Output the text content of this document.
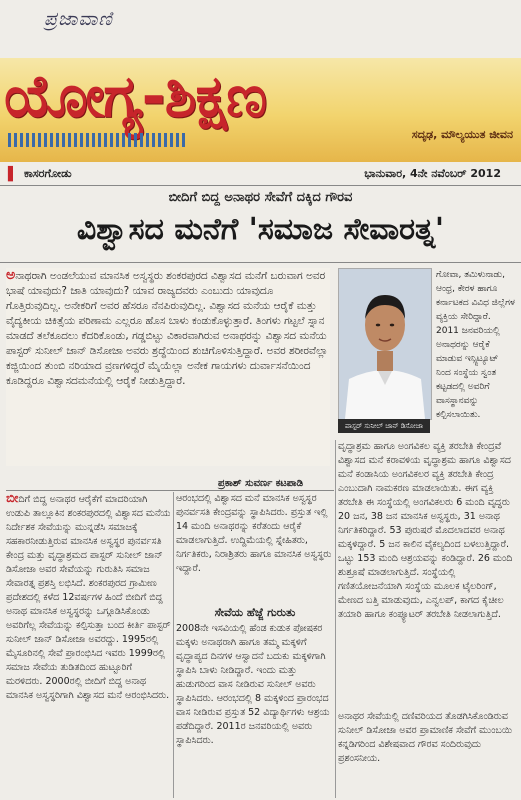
ಪ್ರಜಾವಾಣಿ
ಯೋಗ್ಯ-ಶಿಕ್ಷಣ
ಸದೃಢ, ಮೌಲ್ಯಯುತ ಜೀವನ
▌ ಕಾಸರಗೋಡು	ಭಾನುವಾರ, 4ನೇ ನವೆಂಬರ್ 2012
ಬೀದಿಗೆ ಬಿದ್ದ ಅನಾಥರ ಸೇವೆಗೆ ದಕ್ಕಿದ ಗೌರವ
ವಿಶ್ವಾಸದ ಮನೆಗೆ 'ಸಮಾಜ ಸೇವಾರತ್ನ'
ಅನಾಥರಾಗಿ ಅಂಡಲೆಯುವ ಮಾನಸಿಕ ಅಸ್ವಸ್ಥರು ಶಂಕರಪುರದ ವಿಶ್ವಾಸದ ಮನೆಗೆ ಬರುವಾಗ ಅವರ ಭಾಷೆ ಯಾವುದು? ಜಾತಿ ಯಾವುದು? ಯಾವ ರಾಜ್ಯದವರು ಎಂಬುದು ಯಾವುದೂ ಗೊತ್ತಿರುವುದಿಲ್ಲ. ಅನೇಕರಿಗೆ ಅವರ ಹೆಸರೂ ನೆನಪಿರುವುದಿಲ್ಲ. ವಿಶ್ವಾಸದ ಮನೆಯ ಆರೈಕೆ ಮತ್ತು ವೈದ್ಯಕೀಯ ಚಿಕಿತ್ಸೆಯ ಪರಿಣಾಮ ಎಲ್ಲರೂ ಹೊಸ ಬಾಳು ಕಂಡುಕೊಳ್ಳುತ್ತಾರೆ. ತಿಂಗಳು ಗಟ್ಟಲೆ ಸ್ನಾನ ಮಾಡದೆ ತಲೆಕೂದಲು ಕೆದರಿಕೊಂಡು, ಗಡ್ಡಬಿಟ್ಟು ವಿಕಾರವಾಗಿರುವ ಅನಾಥರನ್ನು ವಿಶ್ವಾಸದ ಮನೆಯ ಪಾಸ್ಟರ್ ಸುನೀಲ್ ಜಾನ್ ಡಿಸೋಜಾ ಅವರು ಶ್ರದ್ಧೆಯಿಂದ ಶುಚಿಗೊಳಿಸುತ್ತಿದ್ದಾರೆ. ಅವರ ಶರೀರವೆಲ್ಲಾ ಕಜ್ಜಿಯಿಂದ ತುಂಬಿ ನರಿಯಾದ ವ್ರಣಗಳಿದ್ದರೆ ಮೈಯೆಲ್ಲಾ ಅನೇಕ ಗಾಯಗಳು ದುರ್ವಾಸನೆಯಿಂದ ಕೂಡಿದ್ದರೂ ವಿಶ್ವಾಸದಮನೆಯಲ್ಲಿ ಆರೈಕೆ ನೀಡುತ್ತಿದ್ದಾರೆ.
ಪಾಸ್ಟರ್ ಸುನೀಲ್ ಜಾನ್ ಡಿಸೋಜಾ
ಗೋವಾ, ತಮಿಳುನಾಡು, ಆಂಧ್ರ, ಕೇರಳ ಹಾಗೂ ಕರ್ನಾಟಕದ ವಿವಿಧ ಜಿಲ್ಲೆಗಳ ವ್ಯಕ್ತಿಯ ಸೇರಿದ್ದಾರೆ. 2011 ಜನವರಿಯಲ್ಲಿ ಅನಾಥರನ್ನು ಆರೈಕೆ ಮಾಡುವ ಇನ್ಸ್ಟಿಟ್ಯೂಟ್ ನಿಂದ ಸಂಸ್ಥೆಯ ಸ್ವಂತ ಕಟ್ಟಡದಲ್ಲಿ ಅವರಿಗೆ ವಾಸಸ್ಥಾನವನ್ನು ಕಲ್ಪಿಸಲಾಯಿತು.
ವೃದ್ಧಾಶ್ರಮ ಹಾಗೂ ಅಂಗವಿಕಲ ವ್ಯಕ್ತಿ ತರಬೇತಿ ಕೇಂದ್ರವೆ ವಿಶ್ವಾಸದ ಮನೆ ಕರಾವಳಿಯ ವೃದ್ಧಾಶ್ರಮ ಹಾಗೂ ವಿಶ್ವಾಸದ ಮನೆ ಕಂಡಾಸಿಯ ಅಂಗವಿಕಲರ ವ್ಯಕ್ತಿ ತರಬೇತಿ ಕೇಂದ್ರ ಎಂಬುದಾಗಿ ನಾಮಕರಣ ಮಾಡಲಾಯಿತು. ಈಗ ವ್ಯಕ್ತಿ ತರಬೇತಿ ಈ ಸಂಸ್ಥೆಯಲ್ಲಿ ಅಂಗವಿಕಲರು 6 ಮಂದಿ ವೃದ್ಧರು 20 ಜನ, 38 ಜನ ಮಾನಸಿಕ ಅಸ್ವಸ್ಥರು, 31 ಅನಾಥ ನಿರ್ಗತಿಕರಿದ್ದಾರೆ. 53 ಪುರುಷರೆ ಮೊದಲಾದವರ ಅನಾಥ ಮಕ್ಕಳಿದ್ದಾರೆ. 5 ಜನ ಕಾಲಿನ ವೈಕಲ್ಯದಿಂದ ಬಳಲುತ್ತಿದ್ದಾರೆ. ಒಟ್ಟು 153 ಮಂದಿ ಆಶ್ರಯವನ್ನು ಕಂಡಿದ್ದಾರೆ. 26 ಮಂದಿ ಶುಶ್ರೂಷೆ ಮಾಡಲಾಗುತ್ತಿದೆ. ಸಂಸ್ಥೆಯಲ್ಲಿ ಗಣಿತಯೋಜನೆಯಾಗಿ ಸಂಸ್ಥೆಯ ಮೂಲಕ ಟೈಲರಿಂಗ್, ಮೇಣದ ಬತ್ತಿ ಮಾಡುವುದು, ಎನ್ವಲಪ್, ಕಾಗದ ಕೈಚೀಲ ತಯಾರಿ ಹಾಗೂ ಕಂಪ್ಯೂಟರ್ ತರಬೇತಿ ನೀಡಲಾಗುತ್ತಿದೆ.
ಪ್ರಕಾಶ್ ಸುವರ್ಣ ಕಟಪಾಡಿ
ಬೀದಿಗೆ ಬಿದ್ದ ಅನಾಥರ ಆರೈಕೆಗೆ ಮಾದರಿಯಾಗಿ ಉಡುಪಿ ತಾಲ್ಲೂಕಿನ ಶಂಕರಪುರದಲ್ಲಿ ವಿಶ್ವಾಸದ ಮನೆಯ ನಿರ್ದೇಶಕ ಸೇವೆಯನ್ನು ಮುನ್ನಡೆಸಿ ಸಮಾಜಕ್ಕೆ ಸಹಕಾರನೀಡುತ್ತಿರುವ ಮಾನಸಿಕ ಅಸ್ವಸ್ಥರ ಪುನರ್ವಸತಿ ಕೇಂದ್ರ ಮತ್ತು ವೃದ್ಧಾಶ್ರಮದ ಪಾಸ್ಟರ್ ಸುನೀಲ್ ಜಾನ್ ಡಿಸೋಜಾ ಅವರ ಸೇವೆಯನ್ನು ಗುರುತಿಸಿ ಸಮಾಜ ಸೇವಾರತ್ನ ಪ್ರಶಸ್ತಿ ಲಭಿಸಿದೆ. ಶಂಕರಪುರದ ಗ್ರಾಮೀಣ ಪ್ರದೇಶದಲ್ಲಿ ಕಳೆದ 12ವರ್ಷಗಳ ಹಿಂದೆ ಬೀದಿಗೆ ಬಿದ್ದ ಅನಾಥ ಮಾನಸಿಕ ಅಸ್ವಸ್ಥರನ್ನು ಒಗ್ಗೂಡಿಸಿಕೊಂಡು ಅವರಿಗೆಲ್ಲ ಸೇವೆಯನ್ನು ಕಲ್ಪಿಸುತ್ತಾ ಬಂದ ಕೀರ್ತಿ ಪಾಸ್ಟರ್ ಸುನೀಲ್ ಜಾನ್ ಡಿಸೋಜಾ ಅವರದ್ದು. 1995ರಲ್ಲಿ ಮೈಸೂರಿನಲ್ಲಿ ಸೇವೆ ಪ್ರಾರಂಭಿಸಿದ ಇವರು 1999ರಲ್ಲಿ ಸಮಾಜ ಸೇವೆಯ ತುಡಿತದಿಂದ ಹುಟ್ಟೂರಿಗೆ ಮರಳಿದರು. 2000ರಲ್ಲಿ ಬೀದಿಗೆ ಬಿದ್ದ ಅನಾಥ ಮಾನಸಿಕ ಅಸ್ವಸ್ಥರಿಗಾಗಿ ವಿಶ್ವಾಸದ ಮನೆ ಆರಂಭಿಸಿದರು.
ಆರಂಭದಲ್ಲಿ ವಿಶ್ವಾಸದ ಮನೆ ಮಾನಸಿಕ ಅಸ್ವಸ್ಥರ ಪುನರ್ವಸತಿ ಕೇಂದ್ರವನ್ನು ಸ್ಥಾಪಿಸಿದರು. ಪ್ರಸ್ತುತ ಇಲ್ಲಿ 14 ಮಂದಿ ಅನಾಥರನ್ನು ಕರೆತಂದು ಆರೈಕೆ ಮಾಡಲಾಗುತ್ತಿದೆ. ಉದ್ದಿಮೆಯಲ್ಲಿ ಸ್ನೇಹಿತರು, ನಿರ್ಗತಿಕರು, ನಿರಾಶ್ರಿತರು ಹಾಗೂ ಮಾನಸಿಕ ಅಸ್ವಸ್ಥರು ಇದ್ದಾರೆ.
ಸೇವೆಯ ಹೆಜ್ಜೆ ಗುರುತು
2008ನೇ ಇಸವಿಯಲ್ಲಿ ಹೆಂಡ ಕುಡುಕ ಪೋಷಕರ ಮಕ್ಕಳು ಅನಾಥರಾಗಿ ಹಾಗೂ ತಮ್ಮ ಮಕ್ಕಳಿಗೆ ವೃದ್ಧಾಪ್ಯದ ದಿನಗಳ ಆಸ್ವಾದನೆ ಬದುಕು ಮಕ್ಕಳಿಗಾಗಿ ಸ್ಥಾಪಿಸಿ ಬಾಳು ನೀಡಿದ್ದಾರೆ. ಇಂದು ಮತ್ತು ಹುಡುಗರಿಂದ ವಾಸ ನೀಡಿರುವ ಸುನೀಲ್ ಅವರು ಸ್ಥಾಪಿಸಿದರು. ಆರಂಭದಲ್ಲಿ 8 ಮಕ್ಕಳಿಂದ ಪ್ರಾರಂಭದ ವಾಸ ನೀಡಿರುವ ಪ್ರಸ್ತುತ 52 ವಿದ್ಯಾರ್ಥಿಗಳು ಆಶ್ರಯ ಪಡೆದಿದ್ದಾರೆ. 2011ರ ಜನವರಿಯಲ್ಲಿ ಅವರು ಸ್ಥಾಪಿಸಿದರು.
ಅನಾಥರ ಸೇವೆಯಲ್ಲಿ ದಣಿವರಿಯದ ತೊಡಗಿಸಿಕೊಂಡಿರುವ ಸುನೀಲ್ ಡಿಸೋಜಾ ಅವರ ಪ್ರಾಮಾಣಿಕ ಸೇವೆಗೆ ಮುಂಬಯಿ ಕನ್ನಡಿಗರಿಂದ ವಿಶೇಷವಾದ ಗೌರವ ಸಂದಿರುವುದು ಪ್ರಶಂಸನೀಯ.
